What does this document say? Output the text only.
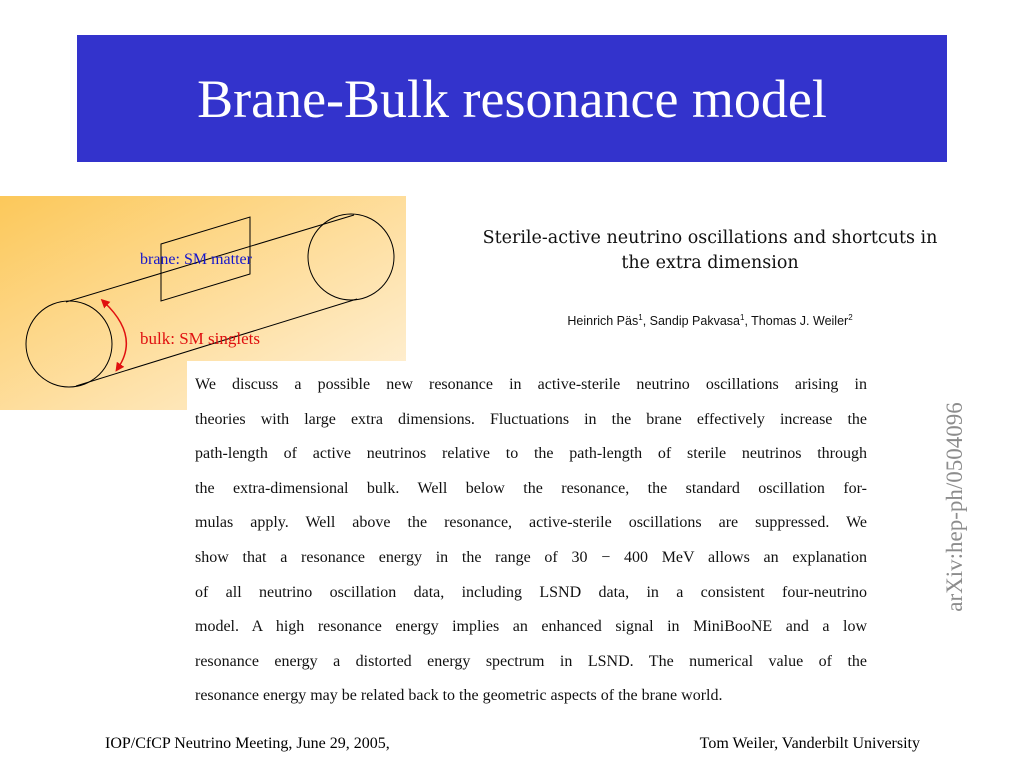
Brane-Bulk resonance model
brane: SM matter
bulk: SM singlets
Sterile-active neutrino oscillations and shortcuts in
the extra dimension
Heinrich Päs$^1$, Sandip Pakvasa$^1$, Thomas J. Weiler$^2$
We discuss a possible new resonance in active-sterile neutrino oscillations arising in
theories with large extra dimensions. Fluctuations in the brane effectively increase the
path-length of active neutrinos relative to the path-length of sterile neutrinos through
the extra-dimensional bulk. Well below the resonance, the standard oscillation for-
mulas apply. Well above the resonance, active-sterile oscillations are suppressed. We
show that a resonance energy in the range of 30 − 400 MeV allows an explanation
of all neutrino oscillation data, including LSND data, in a consistent four-neutrino
model. A high resonance energy implies an enhanced signal in MiniBooNE and a low
resonance energy a distorted energy spectrum in LSND. The numerical value of the
resonance energy may be related back to the geometric aspects of the brane world.
arXiv:hep-ph/0504096
IOP/CfCP Neutrino Meeting, June 29, 2005,	Tom Weiler, Vanderbilt University
